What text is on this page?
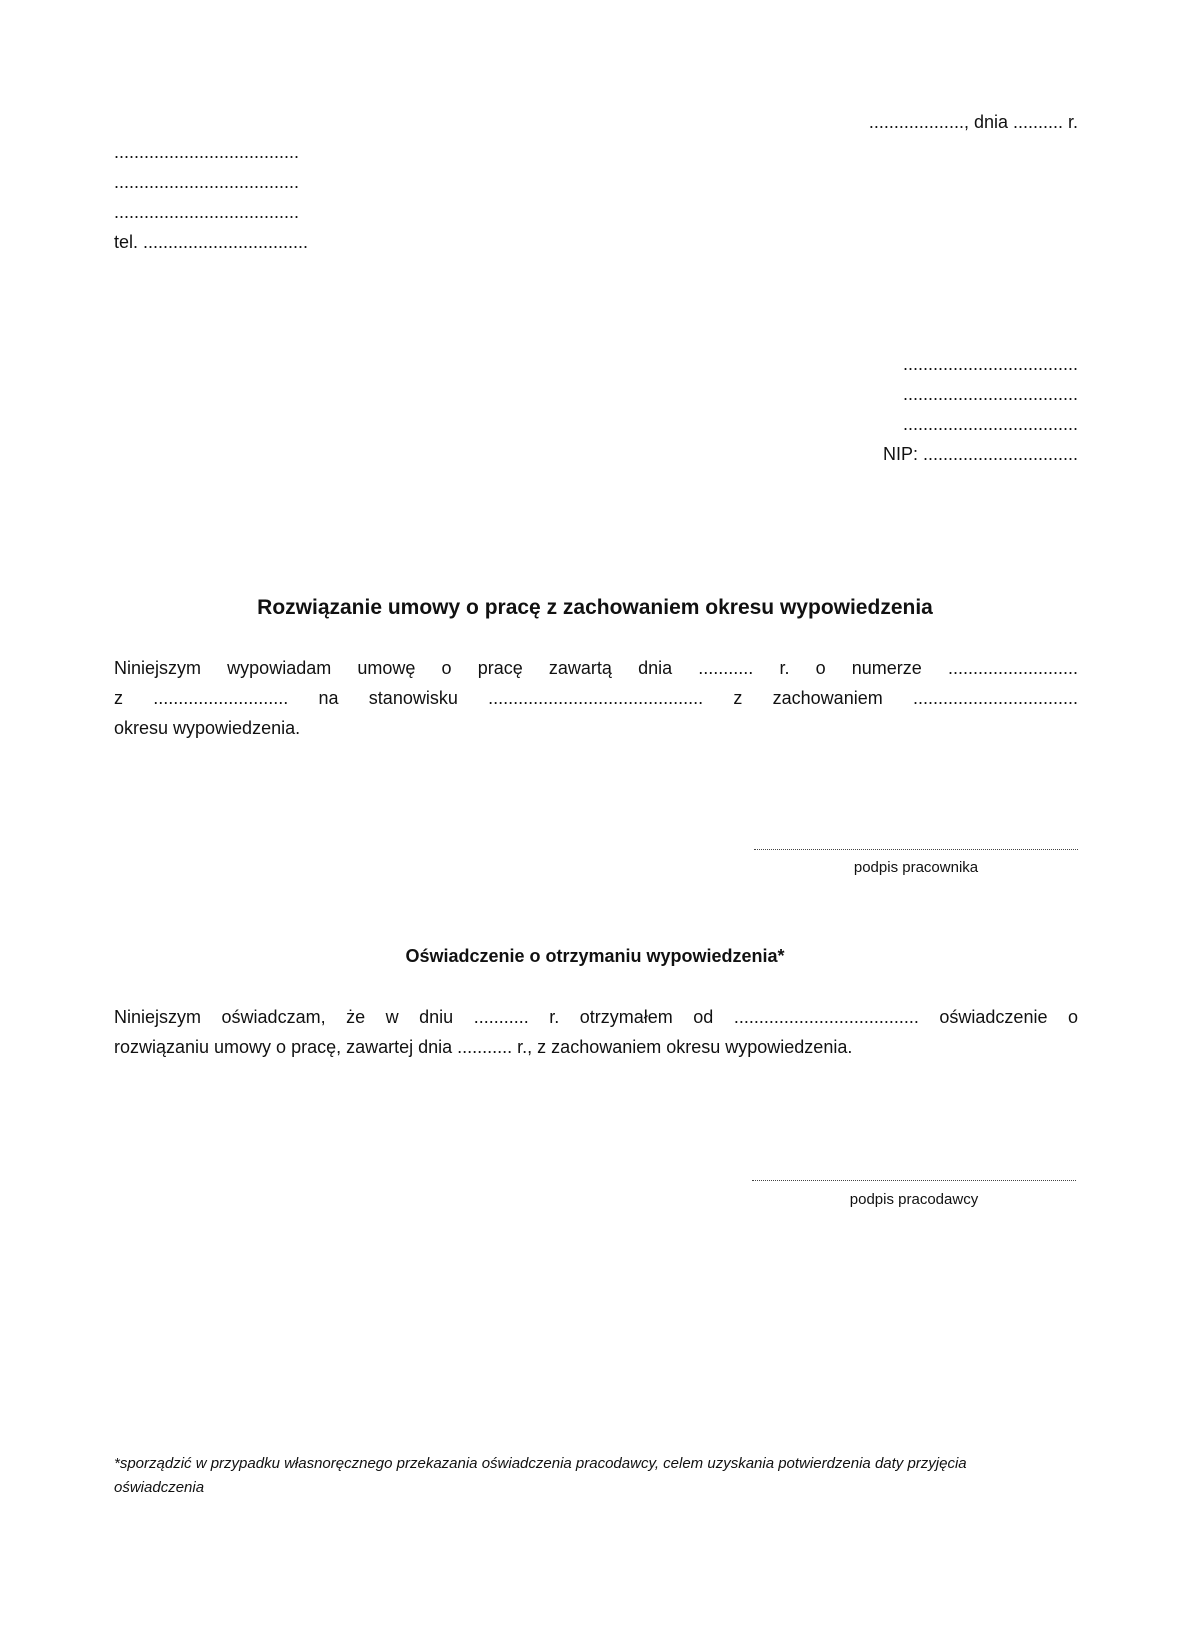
..................., dnia .......... r.
.....................................
.....................................
.....................................
tel. .................................
...................................
...................................
...................................
NIP: ...............................
Rozwiązanie umowy o pracę z zachowaniem okresu wypowiedzenia
Niniejszym wypowiadam umowę o pracę zawartą dnia ........... r. o numerze ..........................
z ........................... na stanowisku ........................................... z zachowaniem .................................
okresu wypowiedzenia.
podpis pracownika
Oświadczenie o otrzymaniu wypowiedzenia*
Niniejszym oświadczam, że w dniu ........... r. otrzymałem od ..................................... oświadczenie o
rozwiązaniu umowy o pracę, zawartej dnia ........... r., z zachowaniem okresu wypowiedzenia.
podpis pracodawcy
*sporządzić w przypadku własnoręcznego przekazania oświadczenia pracodawcy, celem uzyskania potwierdzenia daty przyjęcia oświadczenia
